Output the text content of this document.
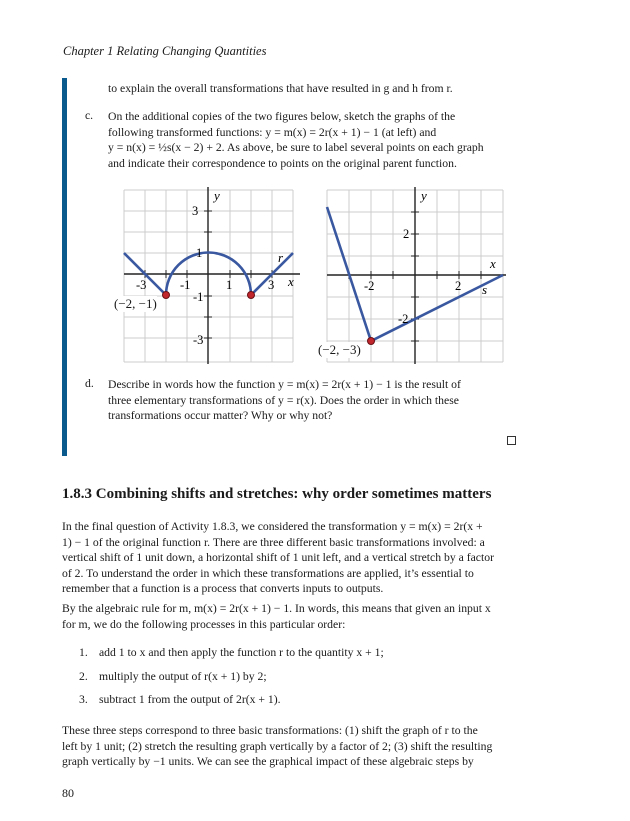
Chapter 1 Relating Changing Quantities
to explain the overall transformations that have resulted in g and h from r.
c. On the additional copies of the two figures below, sketch the graphs of the
following transformed functions: y = m(x) = 2r(x + 1) − 1 (at left) and
y = n(x) = ½s(x − 2) + 2. As above, be sure to label several points on each graph
and indicate their correspondence to points on the original parent function.
y
x
r
-3	-1	1	3
3
1
-1
-3
(−2, −1)
y
x
s
-2	2
2
-2
(−2, −3)
d. Describe in words how the function y = m(x) = 2r(x + 1) − 1 is the result of
three elementary transformations of y = r(x). Does the order in which these
transformations occur matter? Why or why not?
1.8.3 Combining shifts and stretches: why order sometimes matters
In the final question of Activity 1.8.3, we considered the transformation y = m(x) = 2r(x +
1) − 1 of the original function r. There are three different basic transformations involved: a
vertical shift of 1 unit down, a horizontal shift of 1 unit left, and a vertical stretch by a factor
of 2. To understand the order in which these transformations are applied, it’s essential to
remember that a function is a process that converts inputs to outputs.
By the algebraic rule for m, m(x) = 2r(x + 1) − 1. In words, this means that given an input x
for m, we do the following processes in this particular order:
1. add 1 to x and then apply the function r to the quantity x + 1;
2. multiply the output of r(x + 1) by 2;
3. subtract 1 from the output of 2r(x + 1).
These three steps correspond to three basic transformations: (1) shift the graph of r to the
left by 1 unit; (2) stretch the resulting graph vertically by a factor of 2; (3) shift the resulting
graph vertically by −1 units. We can see the graphical impact of these algebraic steps by
80
